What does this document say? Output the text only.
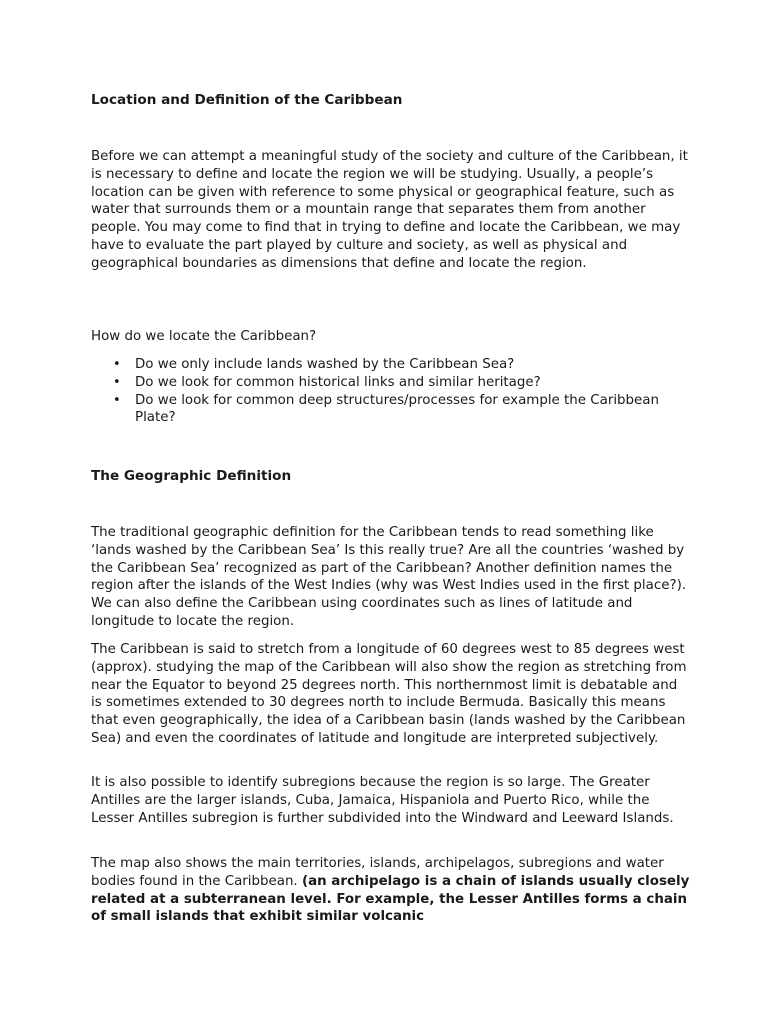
Location and Definition of the Caribbean

Before we can attempt a meaningful study of the society and culture of the Caribbean, it is necessary to define and locate the region we will be studying. Usually, a people’s location can be given with reference to some physical or geographical feature, such as water that surrounds them or a mountain range that separates them from another people. You may come to find that in trying to define and locate the Caribbean, we may have to evaluate the part played by culture and society, as well as physical and geographical boundaries as dimensions that define and locate the region.

How do we locate the Caribbean?

• Do we only include lands washed by the Caribbean Sea?
• Do we look for common historical links and similar heritage?
• Do we look for common deep structures/processes for example the Caribbean Plate?
The Geographic Definition

The traditional geographic definition for the Caribbean tends to read something like ‘lands washed by the Caribbean Sea’ Is this really true? Are all the countries ‘washed by the Caribbean Sea’ recognized as part of the Caribbean? Another definition names the region after the islands of the West Indies (why was West Indies used in the first place?). We can also define the Caribbean using coordinates such as lines of latitude and longitude to locate the region.

The Caribbean is said to stretch from a longitude of 60 degrees west to 85 degrees west (approx). studying the map of the Caribbean will also show the region as stretching from near the Equator to beyond 25 degrees north. This northernmost limit is debatable and is sometimes extended to 30 degrees north to include Bermuda. Basically this means that even geographically, the idea of a Caribbean basin (lands washed by the Caribbean Sea) and even the coordinates of latitude and longitude are interpreted subjectively.

It is also possible to identify subregions because the region is so large. The Greater Antilles are the larger islands, Cuba, Jamaica, Hispaniola and Puerto Rico, while the Lesser Antilles subregion is further subdivided into the Windward and Leeward Islands.

The map also shows the main territories, islands, archipelagos, subregions and water bodies found in the Caribbean. (an archipelago is a chain of islands usually closely related at a subterranean level. For example, the Lesser Antilles forms a chain of small islands that exhibit similar volcanic
